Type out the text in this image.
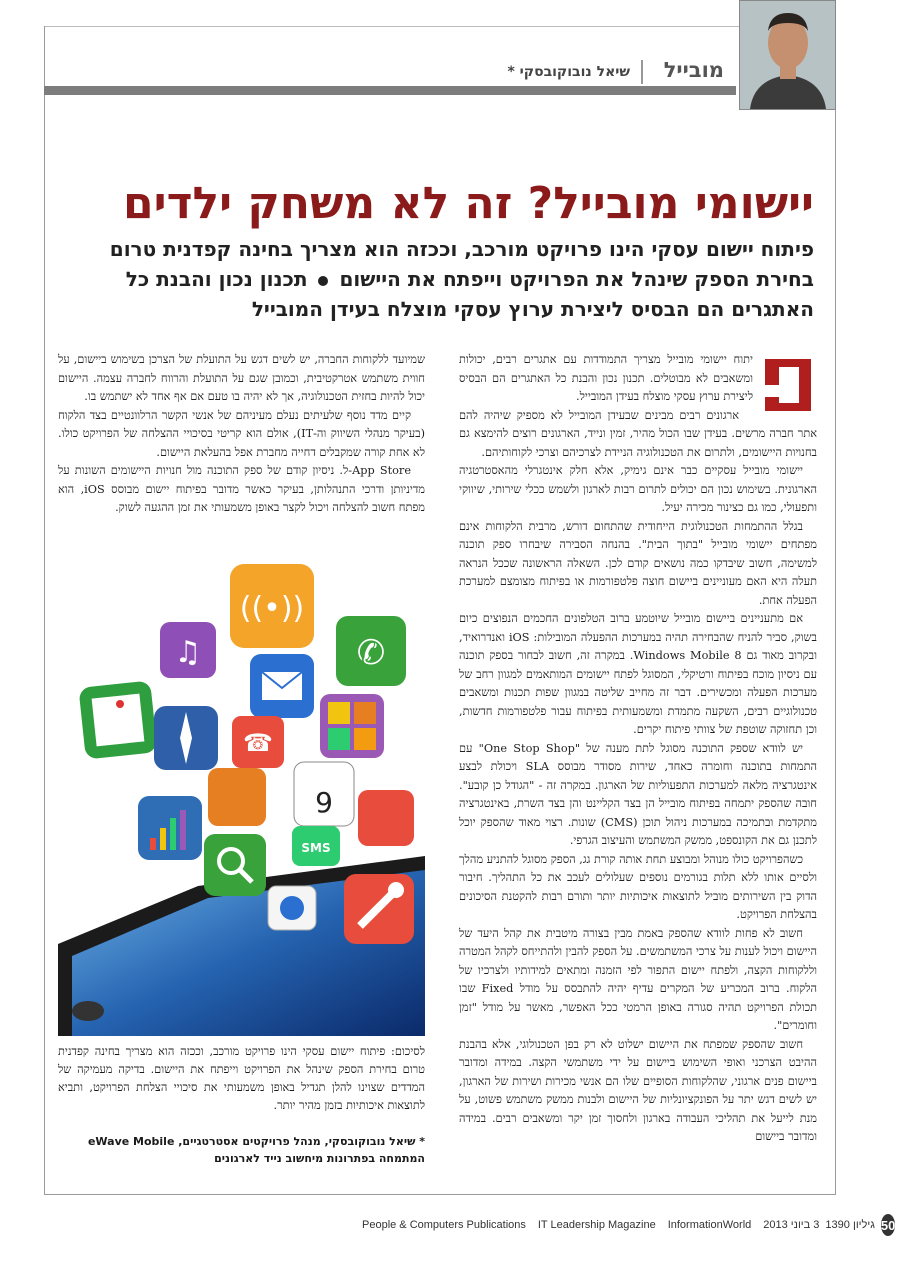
מובייל
שיאל נובוקובסקי *
יישומי מובייל? זה לא משחק ילדים
פיתוח יישום עסקי הינו פרויקט מורכב, וככזה הוא מצריך בחינה קפדנית טרום בחירת הספק שינהל את הפרויקט וייפתח את היישום  תכנון נכון והבנת כל האתגרים הם הבסיס ליצירת ערוץ עסקי מוצלח בעידן המובייל

יתוח יישומי מובייל מצריך התמודדות עם אתגרים רבים, יכולות ומשאבים לא מבוטלים. תכנון נכון והבנת כל האתגרים הם הבסיס ליצירת ערוץ עסקי מוצלח בעידן המובייל.

ארגונים רבים מבינים שבעידן המובייל לא מספיק שיהיה להם אתר חברה מרשים. בעידן שבו הכול מהיר, זמין ונייד, הארגונים רוצים להימצא גם בחנויות היישומים, ולתרום את הטכנולוגיה הניידת לצרכיהם וצרכי לקוחותיהם.

יישומי מובייל עסקיים כבר אינם גימיק, אלא חלק אינטגרלי מהאסטרטגיה הארגונית. בשימוש נכון הם יכולים לתרום רבות לארגון ולשמש ככלי שירותי, שיווקי ותפעולי, כמו גם כצינור מכירה יעיל.

בגלל ההתמחות הטכנולוגית הייחודית שהתחום דורש, מרבית הלקוחות אינם מפתחים יישומי מובייל "בתוך הבית". בהנחה הסבירה שיבחרו ספק תוכנה למשימה, חשוב שיבדקו כמה נושאים קודם לכן. השאלה הראשונה שככל הנראה תעלה היא האם מעוניינים ביישום חוצה פלטפורמות או בפיתוח מצומצם למערכת הפעלה אחת.

אם מתעניינים ביישום מובייל שיוטמע ברוב הטלפונים החכמים הנפוצים כיום בשוק, סביר להניח שהבחירה תהיה במערכות ההפעלה המובילות: iOS ואנדרואיד, ובקרוב מאוד גם Windows Mobile 8. במקרה זה, חשוב לבחור בספק תוכנה עם ניסיון מוכח בפיתוח ורטיקלי, המסוגל לפתח יישומים המותאמים למגוון רחב של מערכות הפעלה ומכשירים. דבר זה מחייב שליטה במגוון שפות תכנות ומשאבים טכנולוגיים רבים, השקעה מתמדת ומשמעותית בפיתוח עבור פלטפורמות חדשות, וכן תחזוקה שוטפת של צוותי פיתוח יקרים.

יש לוודא שספק התוכנה מסוגל לתת מענה של "One Stop Shop" עם התמחות בתוכנה וחומרה כאחד, שירות מסודר מבוסס SLA ויכולת לבצע אינטגרציה מלאה למערכות התפעוליות של הארגון. במקרה זה - "הגודל כן קובע". חובה שהספק יתמחה בפיתוח מובייל הן בצד הקליינט והן בצד השרת, באינטגרציה מתקדמת ובתמיכה במערכות ניהול תוכן (CMS) שונות. רצוי מאוד שהספק יוכל לתכנן גם את הקונספט, ממשק המשתמש והעיצוב הגרפי.

כשהפרויקט כולו מנוהל ומבוצע תחת אותה קורת גג, הספק מסוגל להתניע מהלך ולסיים אותו ללא תלות בגורמים נוספים שעלולים לעכב את כל התהליך. חיבור הדוק בין השירותים מוביל לתוצאות איכותיות יותר ותורם רבות להקטנת הסיכונים בהצלחת הפרויקט.

חשוב לא פחות לוודא שהספק באמת מבין בצורה מיטבית את קהל היעד של היישום ויכול לענות על צרכי המשתמשים. על הספק להבין ולהתייחס לקהל המטרה וללקוחות הקצה, ולפתח יישום התפור לפי הזמנה ומתאים למידותיו ולצרכיו של הלקוח. ברוב המכריע של המקרים עדיף יהיה להתבסס על מודל Fixed שבו תכולת הפרויקט תהיה סגורה באופן הרמטי ככל האפשר, מאשר על מודל "זמן וחומרים".

חשוב שהספק שמפתח את היישום ישלוט לא רק בפן הטכנולוגי, אלא בהבנת ההיבט הצרכני ואופי השימוש ביישום על ידי משתמשי הקצה. במידה ומדובר ביישום פנים ארגוני, שהלקוחות הסופיים שלו הם אנשי מכירות ושירות של הארגון, יש לשים דגש יתר על הפונקציונליות של היישום ולבנות ממשק משתמש פשוט, על מנת לייעל את תהליכי העבודה בארגון ולחסוך זמן יקר ומשאבים רבים. במידה ומדובר ביישום

שמיועד ללקוחות החברה, יש לשים דגש על התועלת של הצרכן בשימוש ביישום, על חווית משתמש אטרקטיבית, וכמובן שגם על התועלת והרווח לחברה עצמה. היישום יכול להיות בחזית הטכנולוגיה, אך לא יהיה בו טעם אם אף אחד לא ישתמש בו.

קיים מדד נוסף שלעיתים נעלם מעיניהם של אנשי הקשר הרלוונטיים בצד הלקוח (בעיקר מנהלי השיווק וה-IT), אולם הוא קריטי בסיכויי ההצלחה של הפרויקט כולו. לא אחת קורה שמקבלים דחייה מחברת אפל בהעלאת היישום.

App Store-ל. ניסיון קודם של ספק התוכנה מול חנויות היישומים השונות על מדיניותן ודרכי התנהלותן, בעיקר כאשר מדובר בפיתוח יישום מבוסס iOS, הוא מפתח חשוב להצלחה ויכול לקצר באופן משמעותי את זמן ההגעה לשוק.

((•))
♫	✆
☎
9
SMS
לסיכום: פיתוח יישום עסקי הינו פרויקט מורכב, וככזה הוא מצריך בחינה קפדנית טרום בחירת הספק שינהל את הפרויקט וייפתח את היישום. בדיקה מעמיקה של המדדים שצוינו להלן תגדיל באופן משמעותי את סיכויי הצלחת הפרויקט, ותביא לתוצאות איכותיות בזמן מהיר יותר.
* שיאל נובוקובסקי, מנהל פרויקטים אסטרטגיים, eWave Mobile המתמחה בפתרונות מיחשוב נייד לארגונים
People & Computers Publications IT Leadership Magazine InformationWorld 3 ביוני 2013 גיליון 1390 50
